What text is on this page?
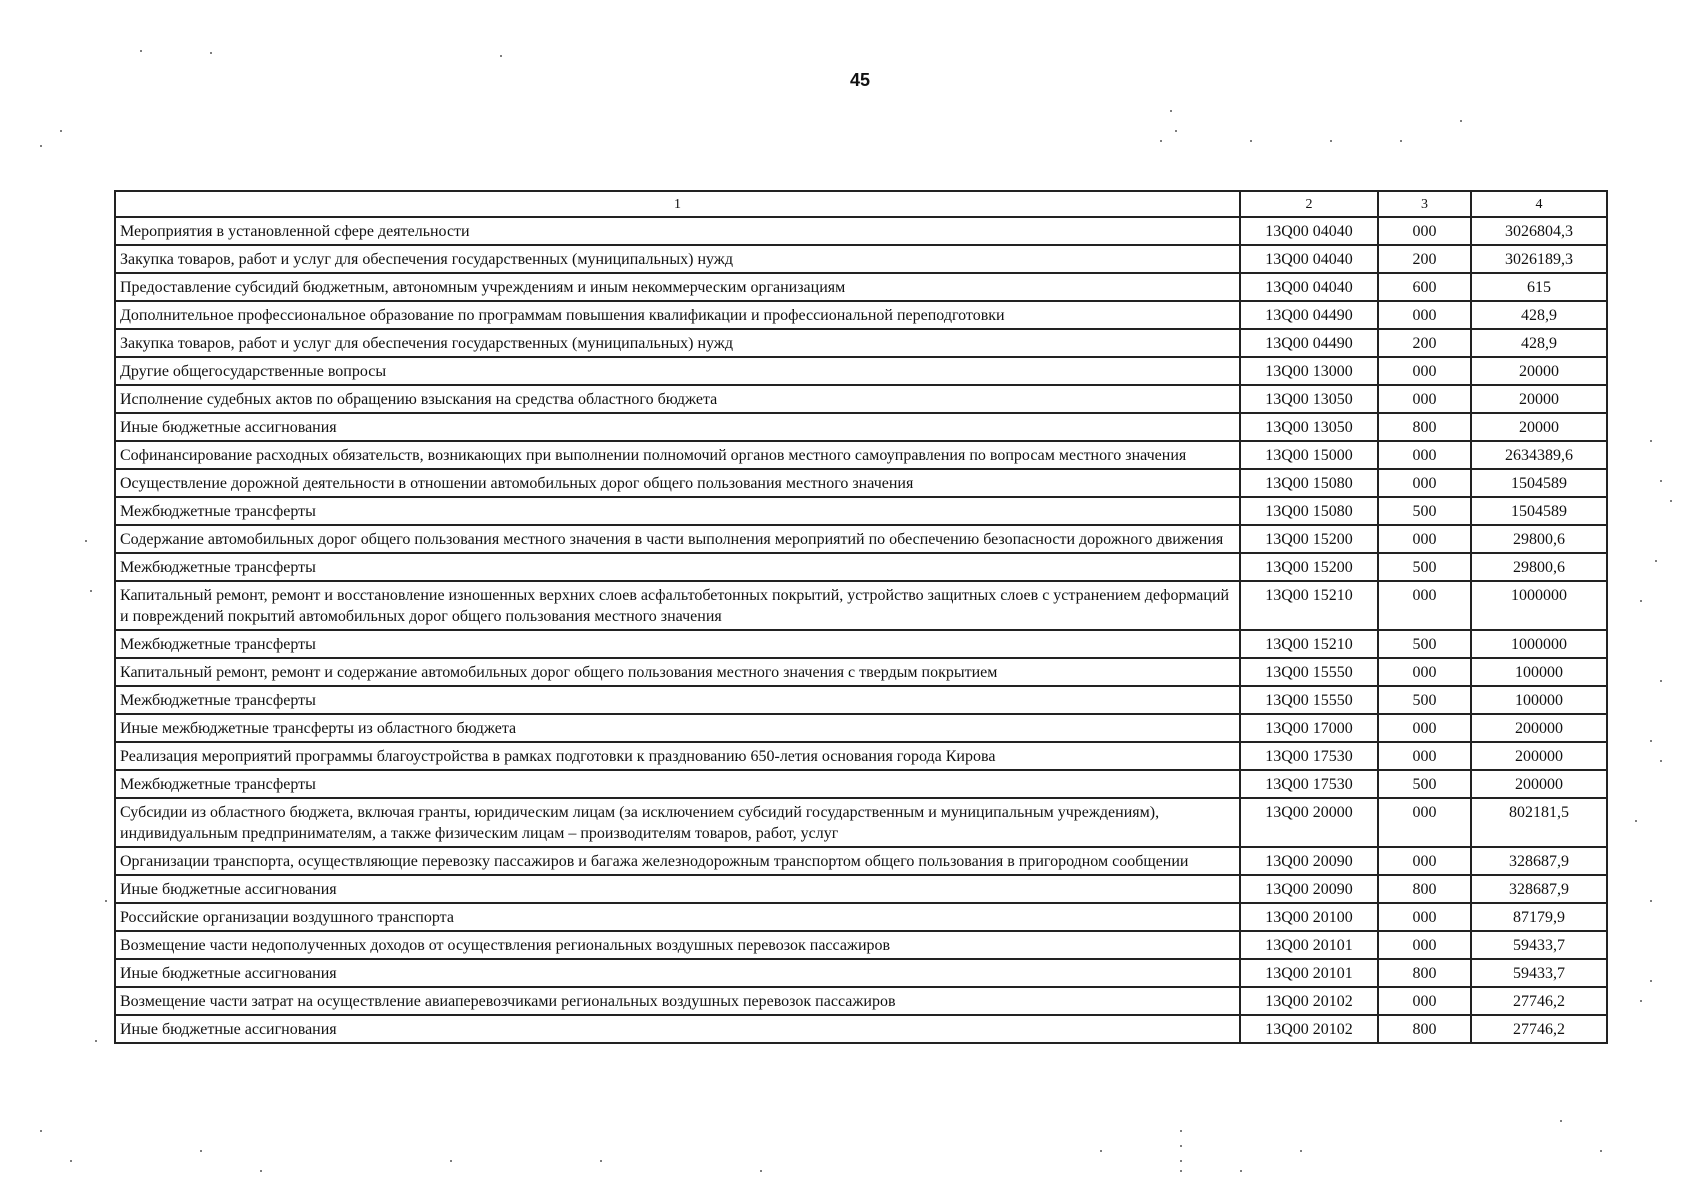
45
1	2	3	4
Мероприятия в установленной сфере деятельности	13Q00 04040	000	3026804,3
Закупка товаров, работ и услуг для обеспечения государственных (муниципальных) нужд	13Q00 04040	200	3026189,3
Предоставление субсидий бюджетным, автономным учреждениям и иным некоммерческим организациям	13Q00 04040	600	615
Дополнительное профессиональное образование по программам повышения квалификации и профессиональной переподготовки	13Q00 04490	000	428,9
Закупка товаров, работ и услуг для обеспечения государственных (муниципальных) нужд	13Q00 04490	200	428,9
Другие общегосударственные вопросы	13Q00 13000	000	20000
Исполнение судебных актов по обращению взыскания на средства областного бюджета	13Q00 13050	000	20000
Иные бюджетные ассигнования	13Q00 13050	800	20000
Софинансирование расходных обязательств, возникающих при выполнении полномочий органов местного самоуправления по вопросам местного значения	13Q00 15000	000	2634389,6
Осуществление дорожной деятельности в отношении автомобильных дорог общего пользования местного значения	13Q00 15080	000	1504589
Межбюджетные трансферты	13Q00 15080	500	1504589
Содержание автомобильных дорог общего пользования местного значения в части выполнения мероприятий по обеспечению безопасности дорожного движения	13Q00 15200	000	29800,6
Межбюджетные трансферты	13Q00 15200	500	29800,6
Капитальный ремонт, ремонт и восстановление изношенных верхних слоев асфальтобетонных покрытий, устройство защитных слоев с устранением деформаций и повреждений покрытий автомобильных дорог общего пользования местного значения	13Q00 15210	000	1000000
Межбюджетные трансферты	13Q00 15210	500	1000000
Капитальный ремонт, ремонт и содержание автомобильных дорог общего пользования местного значения с твердым покрытием	13Q00 15550	000	100000
Межбюджетные трансферты	13Q00 15550	500	100000
Иные межбюджетные трансферты из областного бюджета	13Q00 17000	000	200000
Реализация мероприятий программы благоустройства в рамках подготовки к празднованию 650-летия основания города Кирова	13Q00 17530	000	200000
Межбюджетные трансферты	13Q00 17530	500	200000
Субсидии из областного бюджета, включая гранты, юридическим лицам (за исключением субсидий государственным и муниципальным учреждениям), индивидуальным предпринимателям, а также физическим лицам – производителям товаров, работ, услуг	13Q00 20000	000	802181,5
Организации транспорта, осуществляющие перевозку пассажиров и багажа железнодорожным транспортом общего пользования в пригородном сообщении	13Q00 20090	000	328687,9
Иные бюджетные ассигнования	13Q00 20090	800	328687,9
Российские организации воздушного транспорта	13Q00 20100	000	87179,9
Возмещение части недополученных доходов от осуществления региональных воздушных перевозок пассажиров	13Q00 20101	000	59433,7
Иные бюджетные ассигнования	13Q00 20101	800	59433,7
Возмещение части затрат на осуществление авиаперевозчиками региональных воздушных перевозок пассажиров	13Q00 20102	000	27746,2
Иные бюджетные ассигнования	13Q00 20102	800	27746,2
